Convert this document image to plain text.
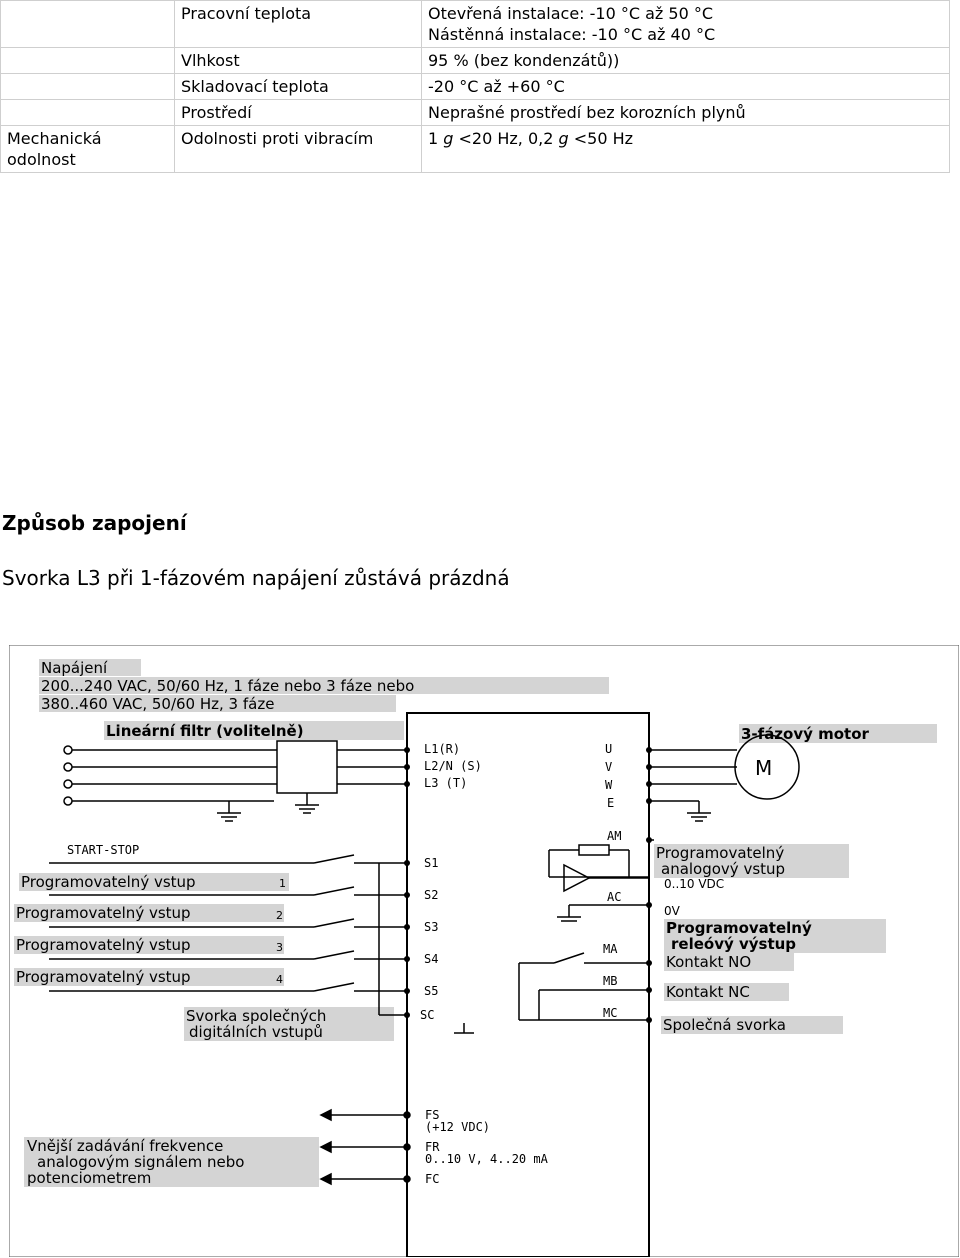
	Pracovní teplota	Otevřená instalace: -10 °C až 50 °C
Nástěnná instalace: -10 °C až 40 °C
	Vlhkost	95 % (bez kondenzátů))
	Skladovací teplota	-20 °C až +60 °C
	Prostředí	Neprašné prostředí bez korozních plynů
Mechanická
odolnost	Odolnosti proti vibracím	1 g <20 Hz, 0,2 g <50 Hz
Způsob zapojení
Svorka L3 při 1-fázovém napájení zůstává prázdná
Napájení
200...240 VAC, 50/60 Hz, 1 fáze nebo 3 fáze nebo
380..460 VAC, 50/60 Hz, 3 fáze
Lineární filtr (volitelně)	3-fázový motor
M
L1(R)
L2/N (S)
L3 (T)
U
V
W
E
S1
S2
S3
S4
S5
SC
AM
AC
MA
MB
MC
FS
(+12 VDC)
FR
0..10 V, 4..20 mA
FC
START-STOP
Programovatelný vstup	1
Programovatelný vstup	2
Programovatelný vstup	3
Programovatelný vstup	4
Svorka společných
digitálních vstupů
Programovatelný
analogový vstup
0..10 VDC
0V
Programovatelný
releóvý výstup
Kontakt NO
Kontakt NC
Společná svorka
Vnější zadávání frekvence
analogovým signálem nebo
potenciometrem
